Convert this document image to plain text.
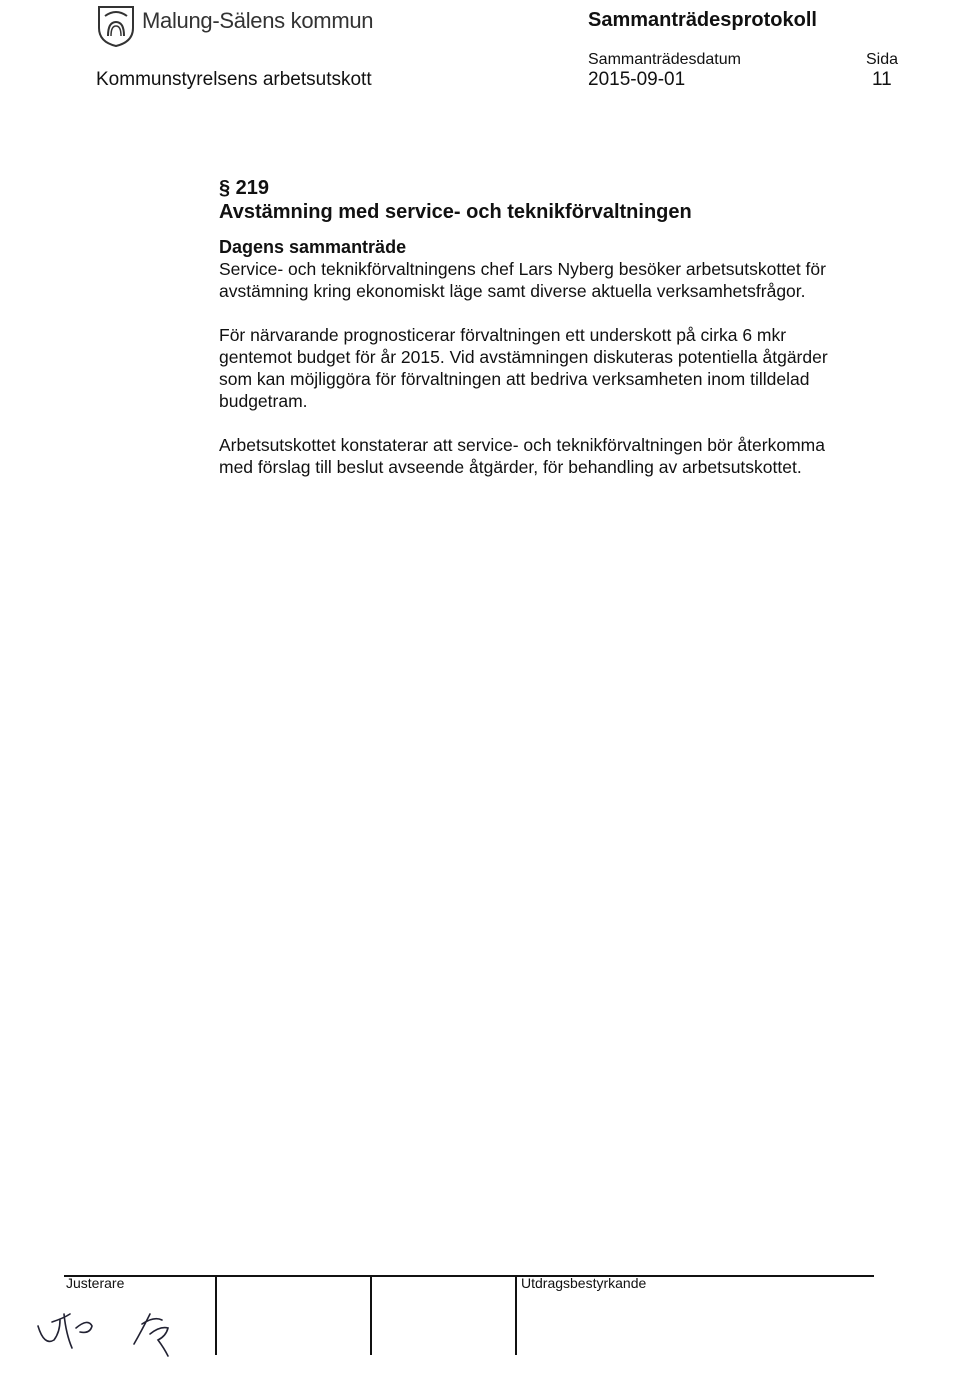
Malung-Sälens kommun	Sammanträdesprotokoll
Sammanträdesdatum	Sida
Kommunstyrelsens arbetsutskott	2015-09-01	11
§ 219
Avstämning med service- och teknikförvaltningen
Dagens sammanträde

Service- och teknikförvaltningens chef Lars Nyberg besöker arbetsutskottet för avstämning kring ekonomiskt läge samt diverse aktuella verksamhetsfrågor.

För närvarande prognosticerar förvaltningen ett underskott på cirka 6 mkr gentemot budget för år 2015. Vid avstämningen diskuteras potentiella åtgärder som kan möjliggöra för förvaltningen att bedriva verksamheten inom tilldelad budgetram.

Arbetsutskottet konstaterar att service- och teknikförvaltningen bör återkomma med förslag till beslut avseende åtgärder, för behandling av arbetsutskottet.

Justerare	Utdragsbestyrkande
